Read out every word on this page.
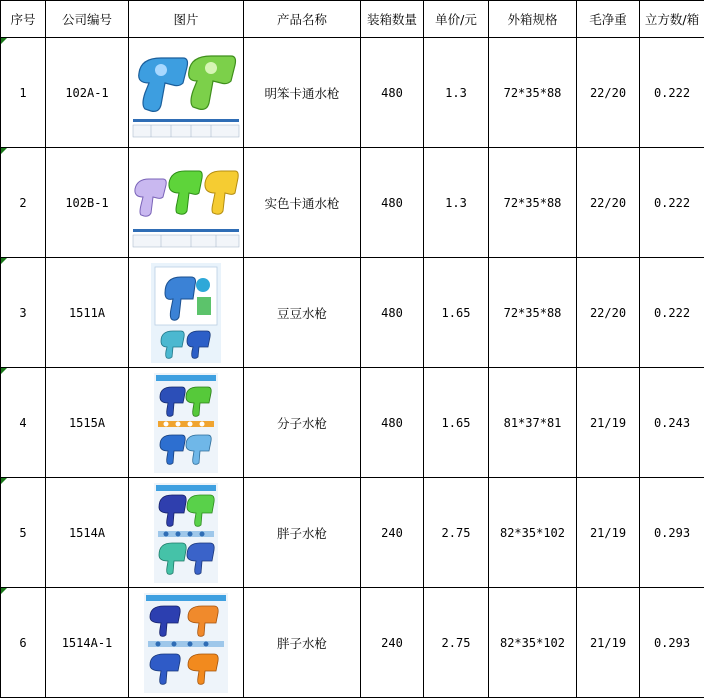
序号	公司编号	图片	产品名称	装箱数量	单价/元	外箱规格	毛净重	立方数/箱
1	102A-1		明笨卡通水枪	480	1.3	72*35*88	22/20	0.222
2	102B-1		实色卡通水枪	480	1.3	72*35*88	22/20	0.222
3	1511A		豆豆水枪	480	1.65	72*35*88	22/20	0.222
4	1515A		分子水枪	480	1.65	81*37*81	21/19	0.243
5	1514A		胖子水枪	240	2.75	82*35*102	21/19	0.293
6	1514A-1		胖子水枪	240	2.75	82*35*102	21/19	0.293
